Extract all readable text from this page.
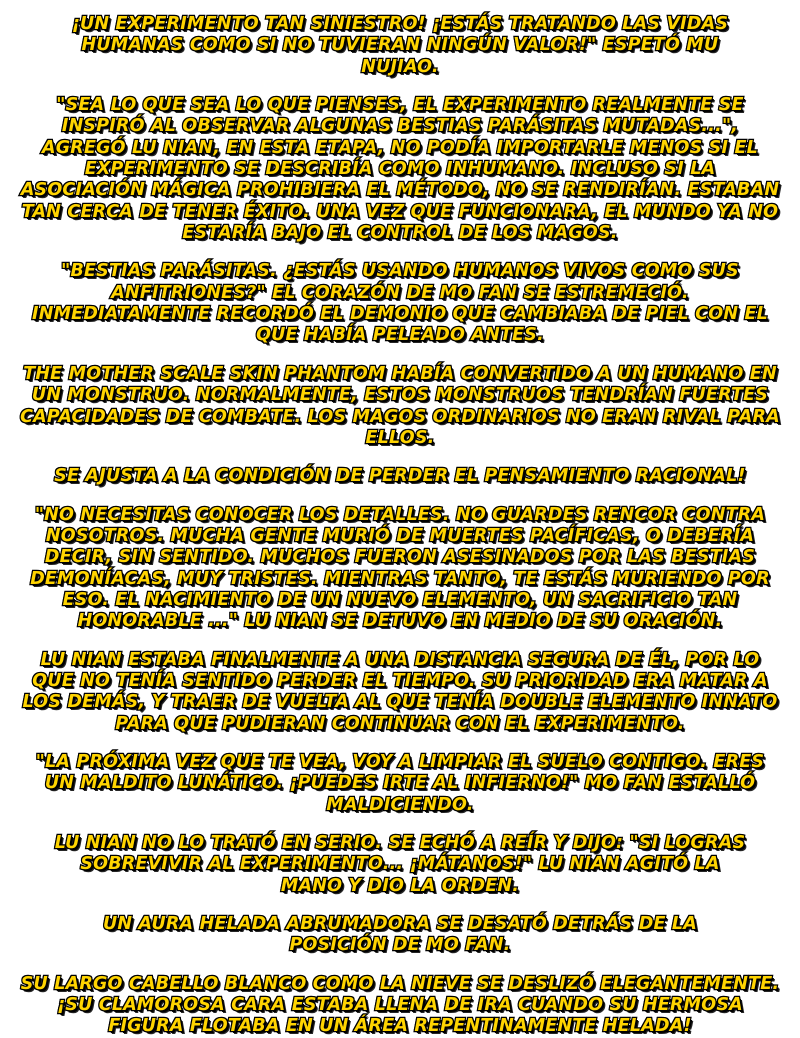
¡UN EXPERIMENTO TAN SINIESTRO! ¡ESTÁS TRATANDO LAS VIDAS HUMANAS COMO SI NO TUVIERAN NINGÚN VALOR!" ESPETÓ MU NUJIAO.

"SEA LO QUE SEA LO QUE PIENSES, EL EXPERIMENTO REALMENTE SE INSPIRÓ AL OBSERVAR ALGUNAS BESTIAS PARÁSITAS MUTADAS...", AGREGÓ LU NIAN, EN ESTA ETAPA, NO PODÍA IMPORTARLE MENOS SI EL EXPERIMENTO SE DESCRIBÍA COMO INHUMANO. INCLUSO SI LA ASOCIACIÓN MÁGICA PROHIBIERA EL MÉTODO, NO SE RENDIRÍAN. ESTABAN TAN CERCA DE TENER ÉXITO. UNA VEZ QUE FUNCIONARA, EL MUNDO YA NO ESTARÍA BAJO EL CONTROL DE LOS MAGOS.

"BESTIAS PARÁSITAS. ¿ESTÁS USANDO HUMANOS VIVOS COMO SUS ANFITRIONES?" EL CORAZÓN DE MO FAN SE ESTREMECIÓ. INMEDIATAMENTE RECORDÓ EL DEMONIO QUE CAMBIABA DE PIEL CON EL QUE HABÍA PELEADO ANTES.

THE MOTHER SCALE SKIN PHANTOM HABÍA CONVERTIDO A UN HUMANO EN UN MONSTRUO. NORMALMENTE, ESTOS MONSTRUOS TENDRÍAN FUERTES CAPACIDADES DE COMBATE. LOS MAGOS ORDINARIOS NO ERAN RIVAL PARA ELLOS.

SE AJUSTA A LA CONDICIÓN DE PERDER EL PENSAMIENTO RACIONAL!

"NO NECESITAS CONOCER LOS DETALLES. NO GUARDES RENCOR CONTRA NOSOTROS. MUCHA GENTE MURIÓ DE MUERTES PACÍFICAS, O DEBERÍA DECIR, SIN SENTIDO. MUCHOS FUERON ASESINADOS POR LAS BESTIAS DEMONÍACAS, MUY TRISTES. MIENTRAS TANTO, TE ESTÁS MURIENDO POR ESO. EL NACIMIENTO DE UN NUEVO ELEMENTO, UN SACRIFICIO TAN HONORABLE ..." LU NIAN SE DETUVO EN MEDIO DE SU ORACIÓN.

LU NIAN ESTABA FINALMENTE A UNA DISTANCIA SEGURA DE ÉL, POR LO QUE NO TENÍA SENTIDO PERDER EL TIEMPO. SU PRIORIDAD ERA MATAR A LOS DEMÁS, Y TRAER DE VUELTA AL QUE TENÍA DOUBLE ELEMENTO INNATO PARA QUE PUDIERAN CONTINUAR CON EL EXPERIMENTO.

"LA PRÓXIMA VEZ QUE TE VEA, VOY A LIMPIAR EL SUELO CONTIGO. ERES UN MALDITO LUNÁTICO. ¡PUEDES IRTE AL INFIERNO!" MO FAN ESTALLÓ MALDICIENDO.

LU NIAN NO LO TRATÓ EN SERIO. SE ECHÓ A REÍR Y DIJO: "SI LOGRAS SOBREVIVIR AL EXPERIMENTO... ¡MÁTANOS!" LU NIAN AGITÓ LA MANO Y DIO LA ORDEN.

UN AURA HELADA ABRUMADORA SE DESATÓ DETRÁS DE LA POSICIÓN DE MO FAN.

SU LARGO CABELLO BLANCO COMO LA NIEVE SE DESLIZÓ ELEGANTEMENTE. ¡SU CLAMOROSA CARA ESTABA LLENA DE IRA CUANDO SU HERMOSA FIGURA FLOTABA EN UN ÁREA REPENTINAMENTE HELADA!
